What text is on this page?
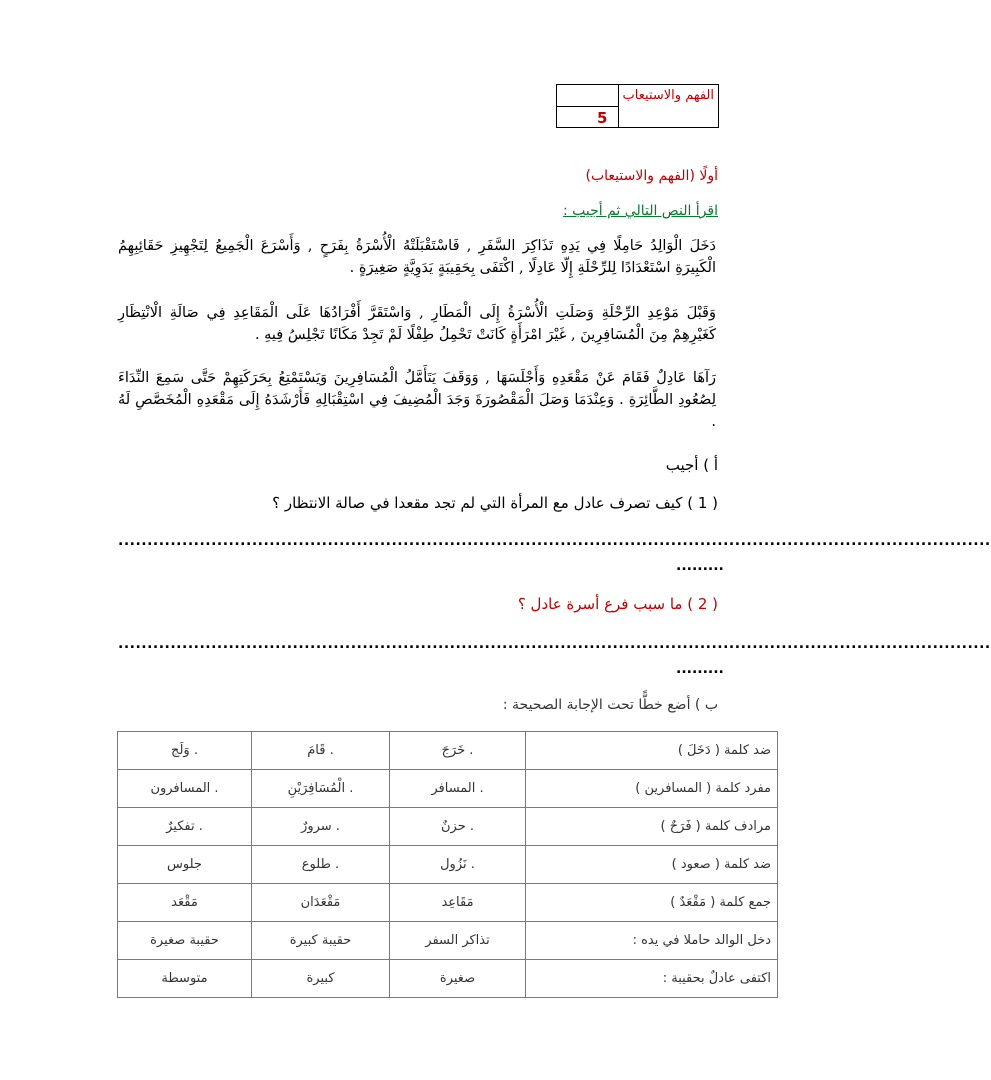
الفهم والاستيعاب
5
أولًا (الفهم والاستيعاب)
اقرأ النص التالي ثم أجيب :
دَخَلَ الْوَالِدُ حَامِلًا فِي يَدِهِ تَذَاكِرَ السَّفَرِ , فَاسْتَقْبَلَتْهُ الْأُسْرَةُ بِفَرَحٍ , وَأَسْرَعَ الْجَمِيعُ لِتَجْهِيزِ حَقَائِبِهِمُ الْكَبِيرَةِ اسْتَعْدَادًا لِلرِّحْلَةِ إِلّا عَادِلًا , اكْتَفَى بِحَقِيبَةٍ يَدَوِيَّةٍ صَغِيرَةٍ .
وَقَبْلَ مَوْعِدِ الرِّحْلَةِ وَصَلَتِ الْأُسْرَةُ إِلَى الْمَطَارِ , وَاسْتَقَرَّ أَفْرَادُهَا عَلَى الْمَقَاعِدِ فِي صَالَةِ الْانْتِظَارِ كَغَيْرِهِمْ مِنَ الْمُسَافِرِينَ , غَيْرَ امْرَأَةٍ كَانَتْ تَحْمِلُ طِفْلًا لَمْ تَجِدْ مَكَانًا تَجْلِسُ فِيهِ .
رَآهَا عَادِلٌ فَقَامَ عَنْ مَقْعَدِهِ وَأَجْلَسَهَا , وَوَقَفَ يَتَأَمَّلُ الْمُسَافِرِينَ وَيَسْتَمْتِعُ بِحَرَكَتِهِمْ حَتَّى سَمِعَ النِّدَاءَ لِصُعُودِ الطَّائِرَةِ . وَعِنْدَمَا وَصَلَ الْمَقْصُورَةَ وَجَدَ الْمُضِيفَ فِي اسْتِقْبَالِهِ فَأَرْشَدَهُ إِلَى مَقْعَدِهِ الْمُخَصَّصِ لَهُ .
أ ) أجيب
( 1 ) كيف تصرف عادل مع المرأة التي لم تجد مقعدا في صالة الانتظار ؟
......................................................................................................................................................
.........
( 2 ) ما سبب فرع أسرة عادل ؟
......................................................................................................................................................
.........
ب ) أضع خطًّا تحت الإجابة الصحيحة :
وَلَج .	قَامَ .	خَرَجَ .	ضد كلمة ( دَخَلَ )
المسافرون .	الْمُسَافِرَيْنِ .	المسافر .	مفرد كلمة ( المسافرين )
تفكيرٌ .	سرورٌ .	حزنٌ .	مرادف كلمة ( فَرَحٌ )
جلوس	طلوع .	نَزُول .	ضد كلمة ( صعود )
مَقْعَد	مَقْعَدَان	مَقَاعِد	جمع كلمة ( مَقْعَدٌ )
حقيبة صغيرة	حقيبة كبيرة	تذاكر السفر	دخل الوالد حاملا في يده :
متوسطة	كبيرة	صغيرة	اكتفى عادلٌ بحقيبة :
